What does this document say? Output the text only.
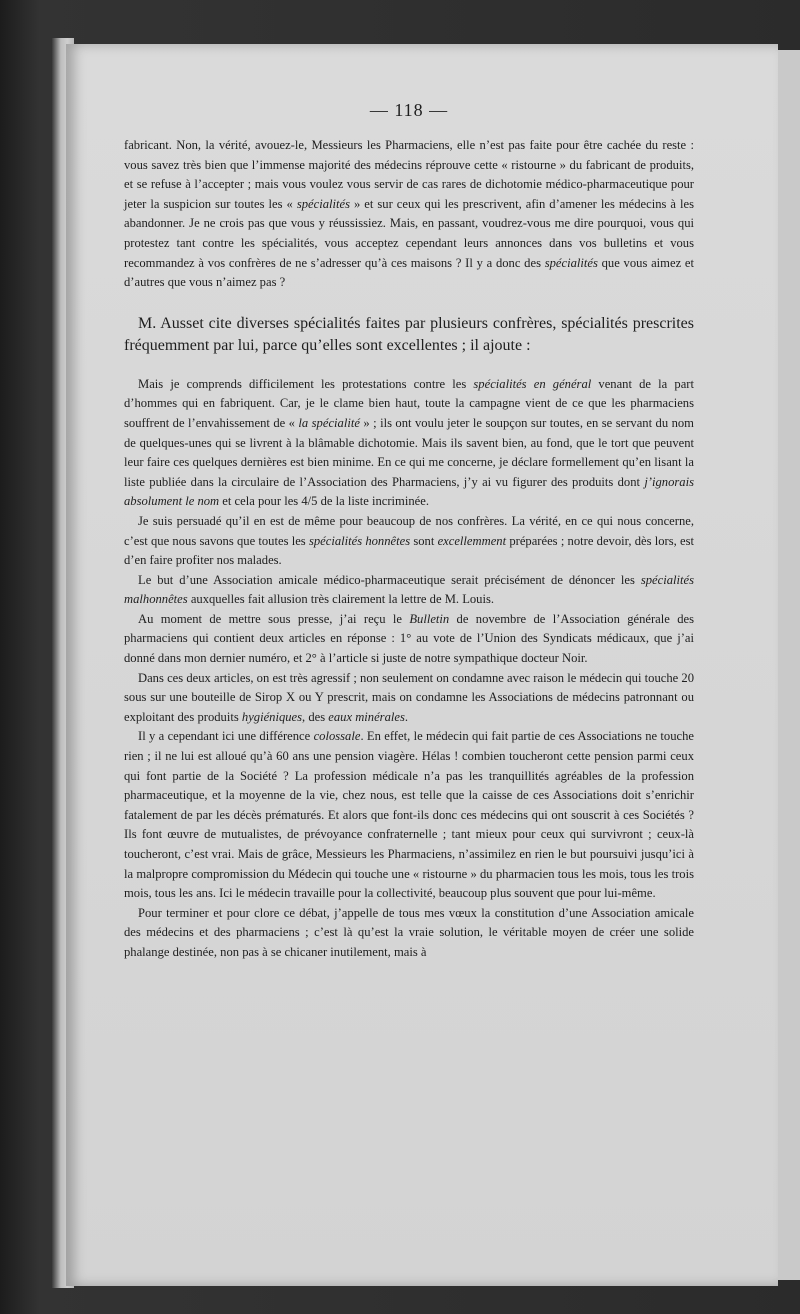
— 118 —

fabricant. Non, la vérité, avouez-le, Messieurs les Pharmaciens, elle n’est pas faite pour être cachée du reste : vous savez très bien que l’immense majorité des médecins réprouve cette « ristourne » du fabricant de produits, et se refuse à l’accepter ; mais vous voulez vous servir de cas rares de dichotomie médico-pharmaceutique pour jeter la suspicion sur toutes les « spécialités » et sur ceux qui les prescrivent, afin d’amener les médecins à les abandonner. Je ne crois pas que vous y réussissiez. Mais, en passant, voudrez-vous me dire pourquoi, vous qui protestez tant contre les spécialités, vous acceptez cependant leurs annonces dans vos bulletins et vous recommandez à vos confrères de ne s’adresser qu’à ces maisons ? Il y a donc des spécialités que vous aimez et d’autres que vous n’aimez pas ?

M. Ausset cite diverses spécialités faites par plusieurs confrères, spécialités prescrites fréquemment par lui, parce qu’elles sont excellentes ; il ajoute :

Mais je comprends difficilement les protestations contre les spécialités en général venant de la part d’hommes qui en fabriquent. Car, je le clame bien haut, toute la campagne vient de ce que les pharmaciens souffrent de l’envahissement de « la spécialité » ; ils ont voulu jeter le soupçon sur toutes, en se servant du nom de quelques-unes qui se livrent à la blâmable dichotomie. Mais ils savent bien, au fond, que le tort que peuvent leur faire ces quelques dernières est bien minime. En ce qui me concerne, je déclare formellement qu’en lisant la liste publiée dans la circulaire de l’Association des Pharmaciens, j’y ai vu figurer des produits dont j’ignorais absolument le nom et cela pour les 4/5 de la liste incriminée.

Je suis persuadé qu’il en est de même pour beaucoup de nos confrères. La vérité, en ce qui nous concerne, c’est que nous savons que toutes les spécialités honnêtes sont excellemment préparées ; notre devoir, dès lors, est d’en faire profiter nos malades.

Le but d’une Association amicale médico-pharmaceutique serait précisément de dénoncer les spécialités malhonnêtes auxquelles fait allusion très clairement la lettre de M. Louis.

Au moment de mettre sous presse, j’ai reçu le Bulletin de novembre de l’Association générale des pharmaciens qui contient deux articles en réponse : 1° au vote de l’Union des Syndicats médicaux, que j’ai donné dans mon dernier numéro, et 2° à l’article si juste de notre sympathique docteur Noir.

Dans ces deux articles, on est très agressif ; non seulement on condamne avec raison le médecin qui touche 20 sous sur une bouteille de Sirop X ou Y prescrit, mais on condamne les Associations de médecins patronnant ou exploitant des produits hygiéniques, des eaux minérales.

Il y a cependant ici une différence colossale. En effet, le médecin qui fait partie de ces Associations ne touche rien ; il ne lui est alloué qu’à 60 ans une pension viagère. Hélas ! combien toucheront cette pension parmi ceux qui font partie de la Société ? La profession médicale n’a pas les tranquillités agréables de la profession pharmaceutique, et la moyenne de la vie, chez nous, est telle que la caisse de ces Associations doit s’enrichir fatalement de par les décès prématurés. Et alors que font-ils donc ces médecins qui ont souscrit à ces Sociétés ? Ils font œuvre de mutualistes, de prévoyance confraternelle ; tant mieux pour ceux qui survivront ; ceux-là toucheront, c’est vrai. Mais de grâce, Messieurs les Pharmaciens, n’assimilez en rien le but poursuivi jusqu’ici à la malpropre compromission du Médecin qui touche une « ristourne » du pharmacien tous les mois, tous les trois mois, tous les ans. Ici le médecin travaille pour la collectivité, beaucoup plus souvent que pour lui-même.

Pour terminer et pour clore ce débat, j’appelle de tous mes vœux la constitution d’une Association amicale des médecins et des pharmaciens ; c’est là qu’est la vraie solution, le véritable moyen de créer une solide phalange destinée, non pas à se chicaner inutilement, mais à
